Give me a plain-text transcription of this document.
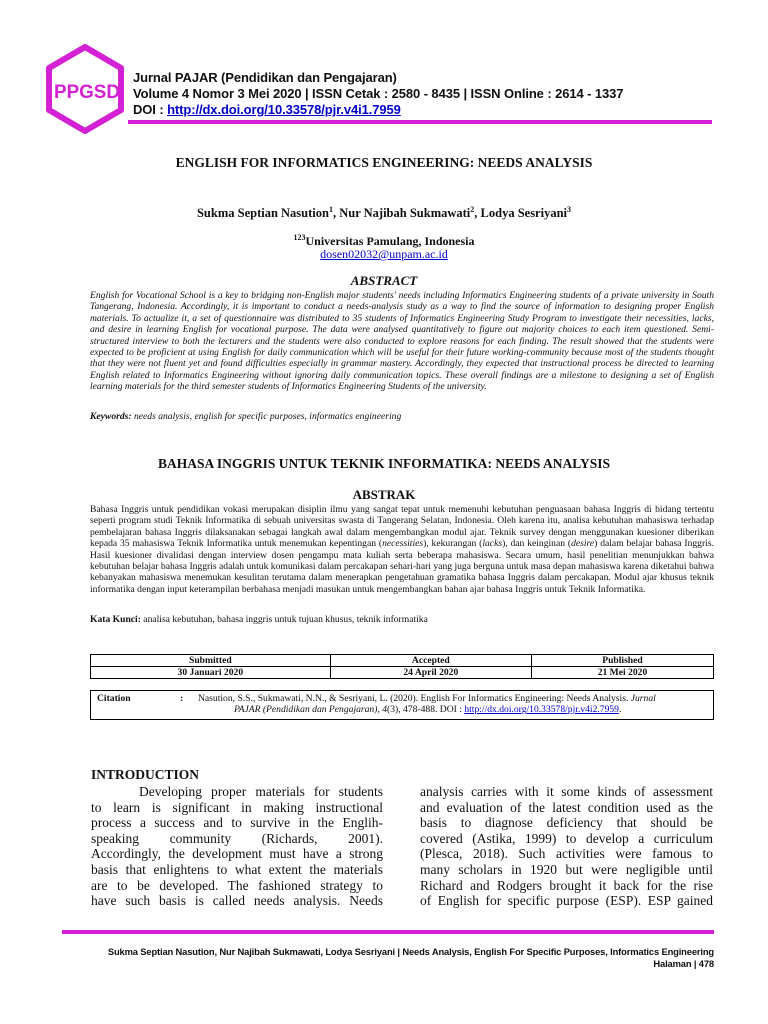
PPGSD
Jurnal PAJAR (Pendidikan dan Pengajaran)
Volume 4 Nomor 3 Mei 2020 | ISSN Cetak : 2580 - 8435 | ISSN Online : 2614 - 1337
DOI : http://dx.doi.org/10.33578/pjr.v4i1.7959
ENGLISH FOR INFORMATICS ENGINEERING: NEEDS ANALYSIS
Sukma Septian Nasution$^1$, Nur Najibah Sukmawati$^2$, Lodya Sesriyani$^3$
$^{123}$Universitas Pamulang, Indonesia
dosen02032@unpam.ac.id
ABSTRACT
English for Vocational School is a key to bridging non-English major students' needs including Informatics Engineering students of a private university in South Tangerang, Indonesia. Accordingly, it is important to conduct a needs-analysis study as a way to find the source of information to designing proper English materials. To actualize it, a set of questionnaire was distributed to 35 students of Informatics Engineering Study Program to investigate their necessities, lacks, and desire in learning English for vocational purpose. The data were analysed quantitatively to figure out majority choices to each item questioned. Semi-structured interview to both the lecturers and the students were also conducted to explore reasons for each finding. The result showed that the students were expected to be proficient at using English for daily communication which will be useful for their future working-community because most of the students thought that they were not fluent yet and found difficulties especially in grammar mastery. Accordingly, they expected that instructional process be directed to learning English related to Informatics Engineering without ignoring daily communication topics. These overall findings are a milestone to designing a set of English learning materials for the third semester students of Informatics Engineering Students of the university.
Keywords: needs analysis, english for specific purposes, informatics engineering
BAHASA INGGRIS UNTUK TEKNIK INFORMATIKA: NEEDS ANALYSIS
ABSTRAK
Bahasa Inggris untuk pendidikan vokasi merupakan disiplin ilmu yang sangat tepat untuk memenuhi kebutuhan penguasaan bahasa Inggris di bidang tertentu seperti program studi Teknik Informatika di sebuah universitas swasta di Tangerang Selatan, Indonesia. Oleh karena itu, analisa kebutuhan mahasiswa terhadap pembelajaran bahasa Inggris dilaksanakan sebagai langkah awal dalam mengembangkan modul ajar. Teknik survey dengan menggunakan kuesioner diberikan kepada 35 mahasiswa Teknik Informatika untuk menemukan kepentingan (necessities), kekurangan (lacks), dan keinginan (desire) dalam belajar bahasa Inggris. Hasil kuesioner divalidasi dengan interview dosen pengampu mata kuliah serta beberapa mahasiswa. Secara umum, hasil penelitian menunjukkan bahwa kebutuhan belajar bahasa Inggris adalah untuk komunikasi dalam percakapan sehari-hari yang juga berguna untuk masa depan mahasiswa karena diketahui bahwa kebanyakan mahasiswa menemukan kesulitan terutama dalam menerapkan pengetahuan gramatika bahasa Inggris dalam percakapan. Modul ajar khusus teknik informatika dengan input keterampilan berbahasa menjadi masukan untuk mengembangkan bahan ajar bahasa Inggris untuk Teknik Informatika.
Kata Kunci: analisa kebutuhan, bahasa inggris untuk tujuan khusus, teknik informatika
Submitted	Accepted	Published
30 Januari 2020	24 April 2020	21 Mei 2020
Citation	: Nasution, S.S., Sukmawati, N.N., & Sesriyani, L. (2020). English For Informatics Engineering: Needs Analysis. Jurnal
PAJAR (Pendidikan dan Pengajaran), 4(3), 478-488. DOI : http://dx.doi.org/10.33578/pjr.v4i2.7959.
INTRODUCTION
Developing proper materials for students
to learn is significant in making instructional
process a success and to survive in the Englih-
speaking community (Richards, 2001).
Accordingly, the development must have a strong
basis that enlightens to what extent the materials
are to be developed. The fashioned strategy to
have such basis is called needs analysis. Needs
analysis carries with it some kinds of assessment
and evaluation of the latest condition used as the
basis to diagnose deficiency that should be
covered (Astika, 1999) to develop a curriculum
(Plesca, 2018). Such activities were famous to
many scholars in 1920 but were negligible until
Richard and Rodgers brought it back for the rise
of English for specific purpose (ESP). ESP gained
Sukma Septian Nasution, Nur Najibah Sukmawati, Lodya Sesriyani | Needs Analysis, English For Specific Purposes, Informatics Engineering
Halaman | 478
